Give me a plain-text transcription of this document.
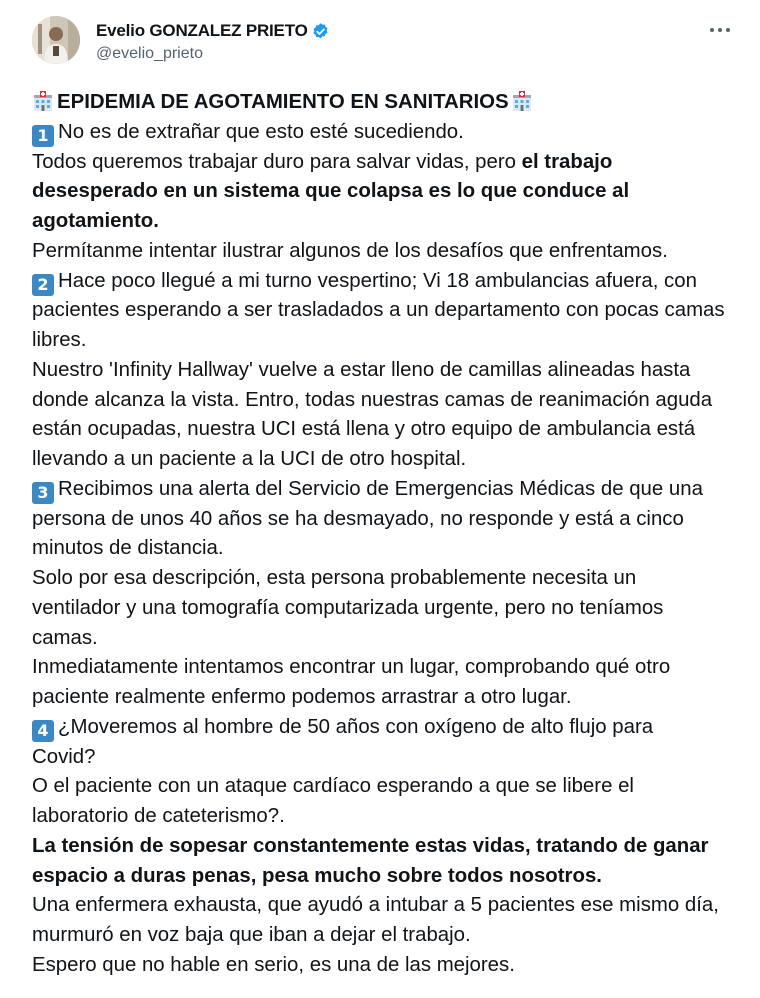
Evelio GONZALEZ PRIETO
@evelio_prieto
EPIDEMIA DE AGOTAMIENTO EN SANITARIOS
1 No es de extrañar que esto esté sucediendo.
Todos queremos trabajar duro para salvar vidas, pero el trabajo
desesperado en un sistema que colapsa es lo que conduce al
agotamiento.
Permítanme intentar ilustrar algunos de los desafíos que enfrentamos.
2 Hace poco llegué a mi turno vespertino; Vi 18 ambulancias afuera, con
pacientes esperando a ser trasladados a un departamento con pocas camas
libres.
Nuestro 'Infinity Hallway' vuelve a estar lleno de camillas alineadas hasta
donde alcanza la vista. Entro, todas nuestras camas de reanimación aguda
están ocupadas, nuestra UCI está llena y otro equipo de ambulancia está
llevando a un paciente a la UCI de otro hospital.
3 Recibimos una alerta del Servicio de Emergencias Médicas de que una
persona de unos 40 años se ha desmayado, no responde y está a cinco
minutos de distancia.
Solo por esa descripción, esta persona probablemente necesita un
ventilador y una tomografía computarizada urgente, pero no teníamos
camas.
Inmediatamente intentamos encontrar un lugar, comprobando qué otro
paciente realmente enfermo podemos arrastrar a otro lugar.
4 ¿Moveremos al hombre de 50 años con oxígeno de alto flujo para
Covid?
O el paciente con un ataque cardíaco esperando a que se libere el
laboratorio de cateterismo?.
La tensión de sopesar constantemente estas vidas, tratando de ganar
espacio a duras penas, pesa mucho sobre todos nosotros.
Una enfermera exhausta, que ayudó a intubar a 5 pacientes ese mismo día,
murmuró en voz baja que iban a dejar el trabajo.
Espero que no hable en serio, es una de las mejores.
